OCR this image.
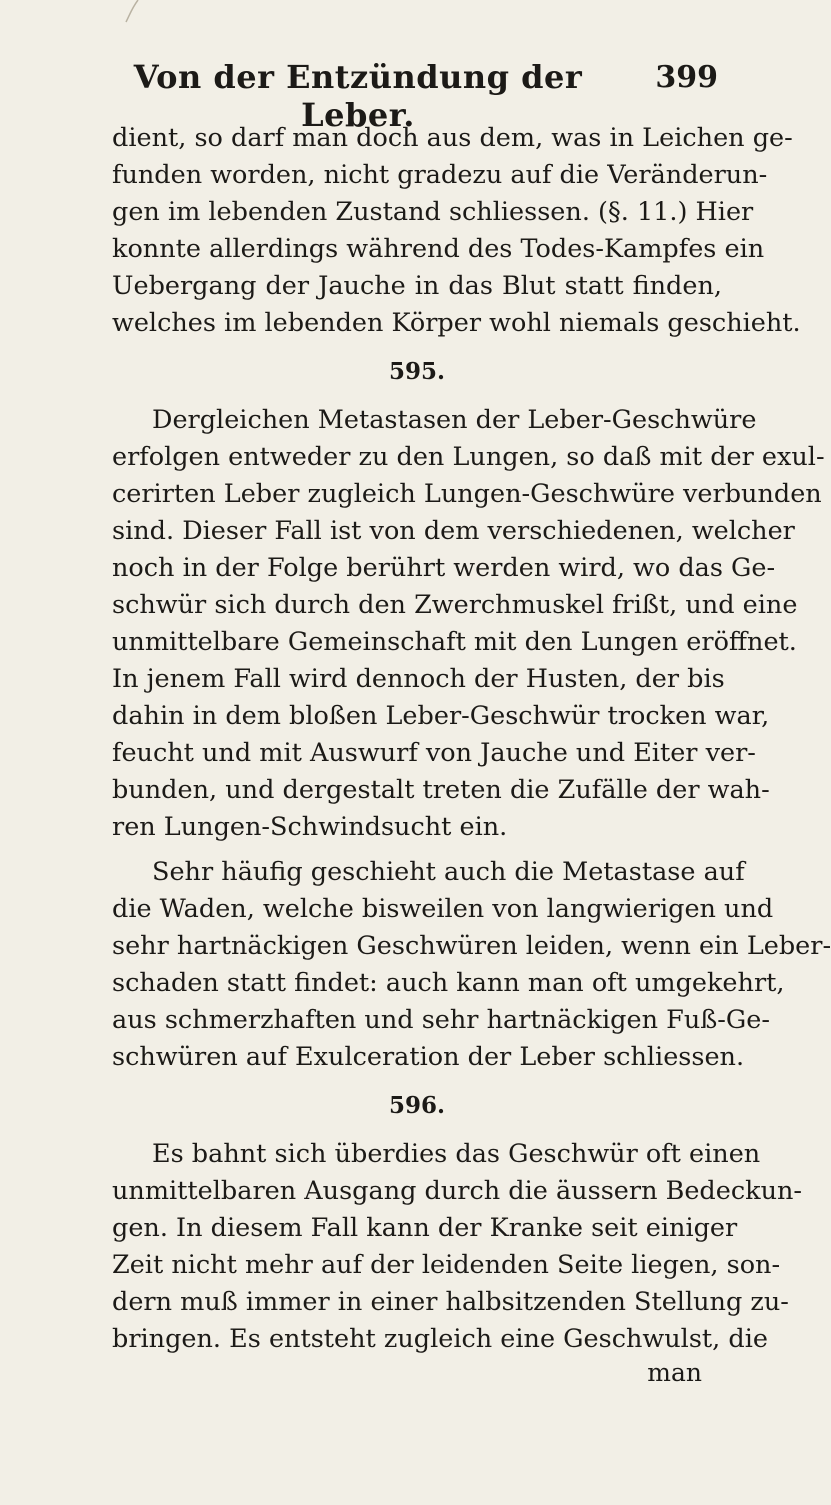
Von der Entzündung der Leber.
399
dient, so darf man doch aus dem, was in Leichen ge-
funden worden, nicht gradezu auf die Veränderun-
gen im lebenden Zustand schliessen. (§. 11.) Hier
konnte allerdings während des Todes-Kampfes ein
Uebergang der Jauche in das Blut statt finden,
welches im lebenden Körper wohl niemals geschieht.
595.
Dergleichen Metastasen der Leber-Geschwüre
erfolgen entweder zu den Lungen, so daß mit der exul-
cerirten Leber zugleich Lungen-Geschwüre verbunden
sind. Dieser Fall ist von dem verschiedenen, welcher
noch in der Folge berührt werden wird, wo das Ge-
schwür sich durch den Zwerchmuskel frißt, und eine
unmittelbare Gemeinschaft mit den Lungen eröffnet.
In jenem Fall wird dennoch der Husten, der bis
dahin in dem bloßen Leber-Geschwür trocken war,
feucht und mit Auswurf von Jauche und Eiter ver-
bunden, und dergestalt treten die Zufälle der wah-
ren Lungen-Schwindsucht ein.
Sehr häufig geschieht auch die Metastase auf
die Waden, welche bisweilen von langwierigen und
sehr hartnäckigen Geschwüren leiden, wenn ein Leber-
schaden statt findet: auch kann man oft umgekehrt,
aus schmerzhaften und sehr hartnäckigen Fuß-Ge-
schwüren auf Exulceration der Leber schliessen.
596.
Es bahnt sich überdies das Geschwür oft einen
unmittelbaren Ausgang durch die äussern Bedeckun-
gen. In diesem Fall kann der Kranke seit einiger
Zeit nicht mehr auf der leidenden Seite liegen, son-
dern muß immer in einer halbsitzenden Stellung zu-
bringen. Es entsteht zugleich eine Geschwulst, die
man
